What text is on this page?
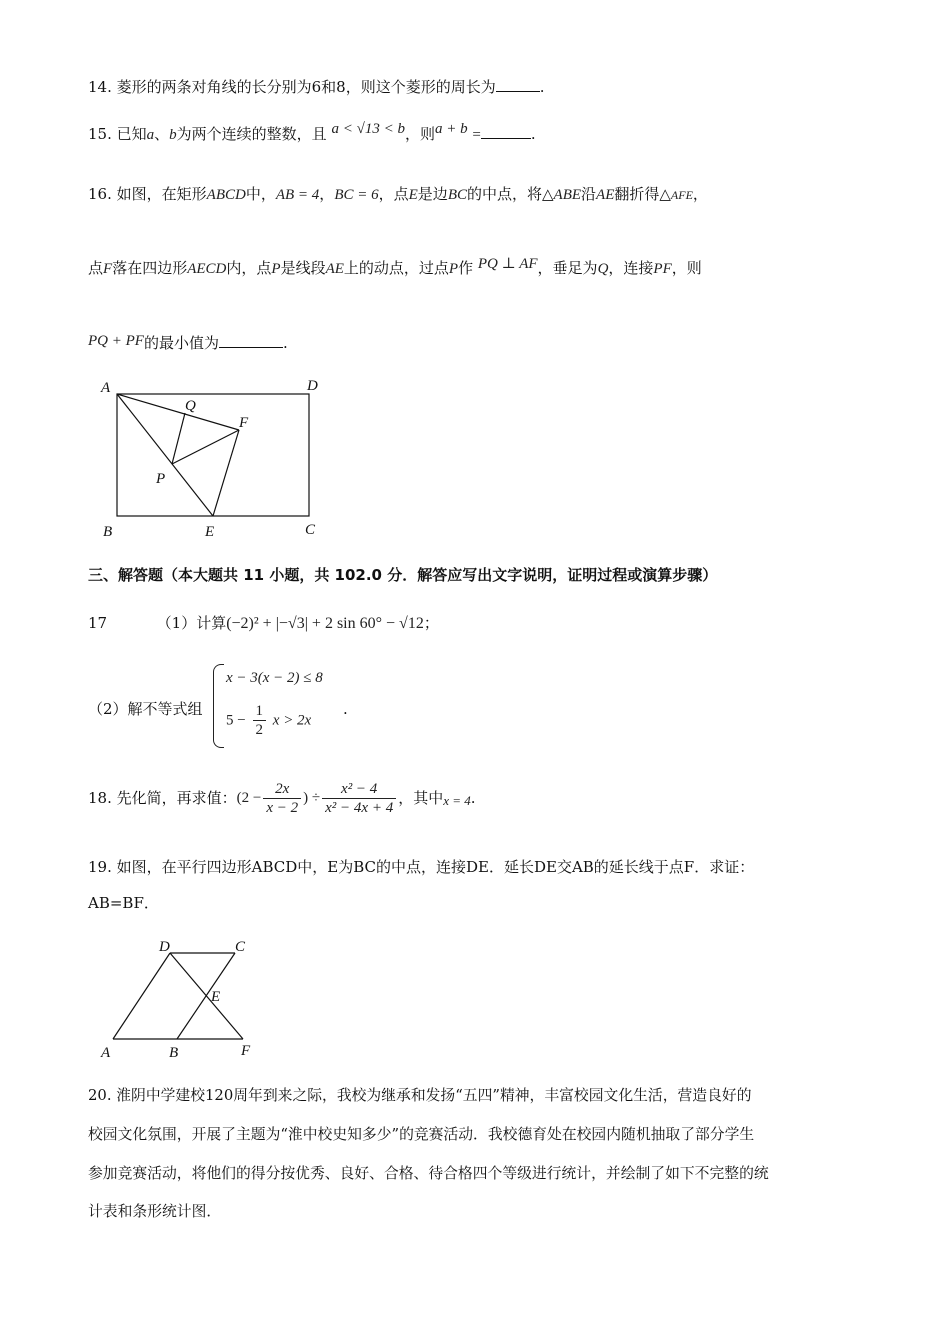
14. 菱形的两条对角线的长分别为6和8，则这个菱形的周长为	.
15. 已知a、b为两个连续的整数，且 a < √13 < b，则a + b =	.
16. 如图，在矩形ABCD中，AB = 4，BC = 6，点E是边BC的中点，将△ABE沿AE翻折得△AFE，
点F落在四边形AECD内，点P是线段AE上的动点，过点P作 PQ ⊥ AF，垂足为Q，连接PF，则
PQ + PF的最小值为	.
A	D
Q
F
P
B	E	C
三、解答题（本大题共 11 小题，共 102.0 分．解答应写出文字说明，证明过程或演算步骤）
17	（1）计算(−2)² + |−√3| + 2 sin 60° − √12；
（2）解不等式组
x − 3(x − 2) ≤ 8
$5 - \frac{1}{2}$ x > 2x
.
18.
先化简，再求值： ($2 - \frac{2x}{x - 2}$ ) ÷ $\frac{\text{x² − 4}}{\text{x² − 4x + 4}}$ ，其中 x = 4 .
19. 如图，在平行四边形ABCD中，E为BC的中点，连接DE．延长DE交AB的延长线于点F．求证：
AB=BF．
D	C
E
A	B	F
20. 淮阴中学建校120周年到来之际，我校为继承和发扬“五四”精神，丰富校园文化生活，营造良好的
校园文化氛围，开展了主题为“淮中校史知多少”的竞赛活动．我校德育处在校园内随机抽取了部分学生
参加竞赛活动，将他们的得分按优秀、良好、合格、待合格四个等级进行统计，并绘制了如下不完整的统
计表和条形统计图．
